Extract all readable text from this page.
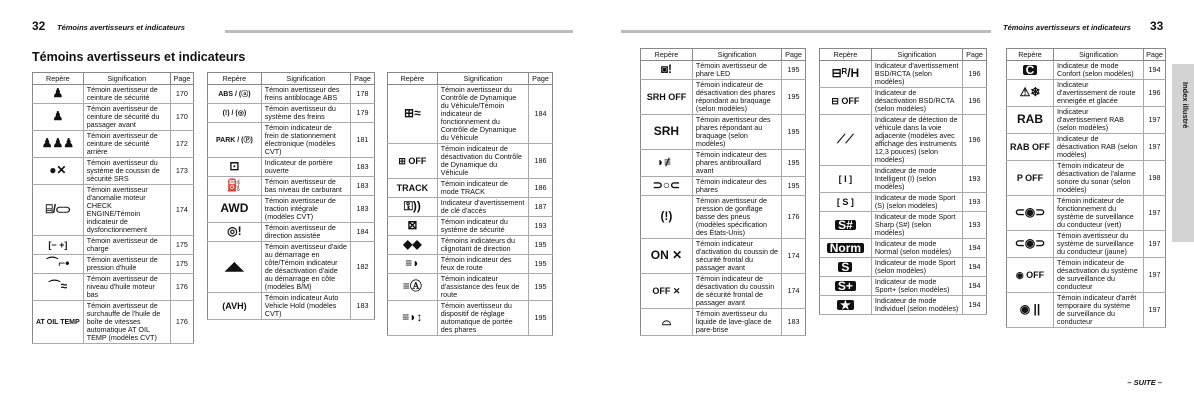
32 Témoins avertisseurs et indicateurs
Témoins avertisseurs et indicateurs
Repère	Signification	Page
♟	Témoin avertisseur de ceinture de sécurité	170
♟	Témoin avertisseur de ceinture de sécurité du passager avant	170
♟♟♟	Témoin avertisseur de ceinture de sécurité arrière	172
●✕	Témoin avertisseur du système de coussin de sécurité SRS	173
⌸/⊂⊃	Témoin avertisseur d'anomalie moteur CHECK ENGINE/Témoin indicateur de dysfonctionnement	174
[− +]	Témoin avertisseur de charge	175
⌒⌐•	Témoin avertisseur de pression d'huile	175
⌒≈	Témoin avertisseur de niveau d'huile moteur bas	176
AT OIL TEMP	Témoin avertisseur de surchauffe de l'huile de boîte de vitesses automatique AT OIL TEMP (modèles CVT)	176
Repère	Signification	Page
ABS / (ⓐ)	Témoin avertisseur des freins antiblocage ABS	178
(!) / (◎)	Témoin avertisseur du système des freins	179
PARK / (Ⓟ)	Témoin indicateur de frein de stationnement électronique (modèles CVT)	181
⊡	Indicateur de portière ouverte	183
⛽	Témoin avertisseur de bas niveau de carburant	183
AWD	Témoin avertisseur de traction intégrale (modèles CVT)	183
◎!	Témoin avertisseur de direction assistée	184
◢◣	Témoin avertisseur d'aide au démarrage en côte/Témoin indicateur de désactivation d'aide au démarrage en côte (modèles B/M)	182
(AVH)	Témoin indicateur Auto Vehicle Hold (modèles CVT)	183
Repère	Signification	Page
⊞≈	Témoin avertisseur du Contrôle de Dynamique du Véhicule/Témoin indicateur de fonctionnement du Contrôle de Dynamique du Véhicule	184
⊞ OFF	Témoin indicateur de désactivation du Contrôle de Dynamique du Véhicule	186
TRACK	Témoin indicateur de mode TRACK	186
⚿))	Indicateur d'avertissement de clé d'accès	187
⊠	Témoin indicateur du système de sécurité	193
◆◆	Témoins indicateurs du clignotant de direction	195
≡◗	Témoin indicateur des feux de route	195
≡Ⓐ	Témoin indicateur d'assistance des feux de route	195
≡◗↕	Témoin avertisseur du dispositif de réglage automatique de portée des phares	195
Témoins avertisseurs et indicateurs 33
Repère	Signification	Page
◙!	Témoin avertisseur de phare LED	195
SRH OFF	Témoin indicateur de désactivation des phares répondant au braquage (selon modèles)	195
SRH	Témoin avertisseur des phares répondant au braquage (selon modèles)	195
◗≢	Témoin indicateur des phares antibrouillard avant	195
⊃○⊂	Témoin indicateur des phares	195
(!)	Témoin avertisseur de pression de gonflage basse des pneus (modèles spécification des États-Unis)	176
ON ✕	Témoin indicateur d'activation du coussin de sécurité frontal du passager avant	174
OFF ✕	Témoin indicateur de désactivation du coussin de sécurité frontal de passager avant	174
⌓	Témoin avertisseur du liquide de lave-glace de pare-brise	183
Repère	Signification	Page
⊟ᴿ/H	Indicateur d'avertissement BSD/RCTA (selon modèles)	196
⊟ OFF	Indicateur de désactivation BSD/RCTA (selon modèles)	196
⟋⟋	Indicateur de détection de véhicule dans la voie adjacente (modèles avec affichage des instruments 12,3 pouces) (selon modèles)	196
[ I ]	Indicateur de mode Intelligent (I) (selon modèles)	193
[ S ]	Indicateur de mode Sport (S) (selon modèles)	193
S#	Indicateur de mode Sport Sharp (S#) (selon modèles)	193
Norm	Indicateur de mode Normal (selon modèles)	194
S	Indicateur de mode Sport (selon modèles)	194
S+	Indicateur de mode Sport+ (selon modèles)	194
★	Indicateur de mode Individuel (selon modèles)	194
Repère	Signification	Page
C	Indicateur de mode Confort (selon modèles)	194
⚠❄	Indicateur d'avertissement de route enneigée et glacée	196
RAB	Indicateur d'avertissement RAB (selon modèles)	197
RAB OFF	Indicateur de désactivation RAB (selon modèles)	197
P OFF	Témoin indicateur de désactivation de l'alarme sonore du sonar (selon modèles)	198
⊂◉⊃	Témoin indicateur de fonctionnement du système de surveillance du conducteur (vert)	197
⊂◉⊃	Témoin avertisseur du système de surveillance du conducteur (jaune)	197
◉ OFF	Témoin indicateur de désactivation du système de surveillance du conducteur	197
◉ ||	Témoin indicateur d'arrêt temporaire du système de surveillance du conducteur	197
Index illustré
– SUITE –
